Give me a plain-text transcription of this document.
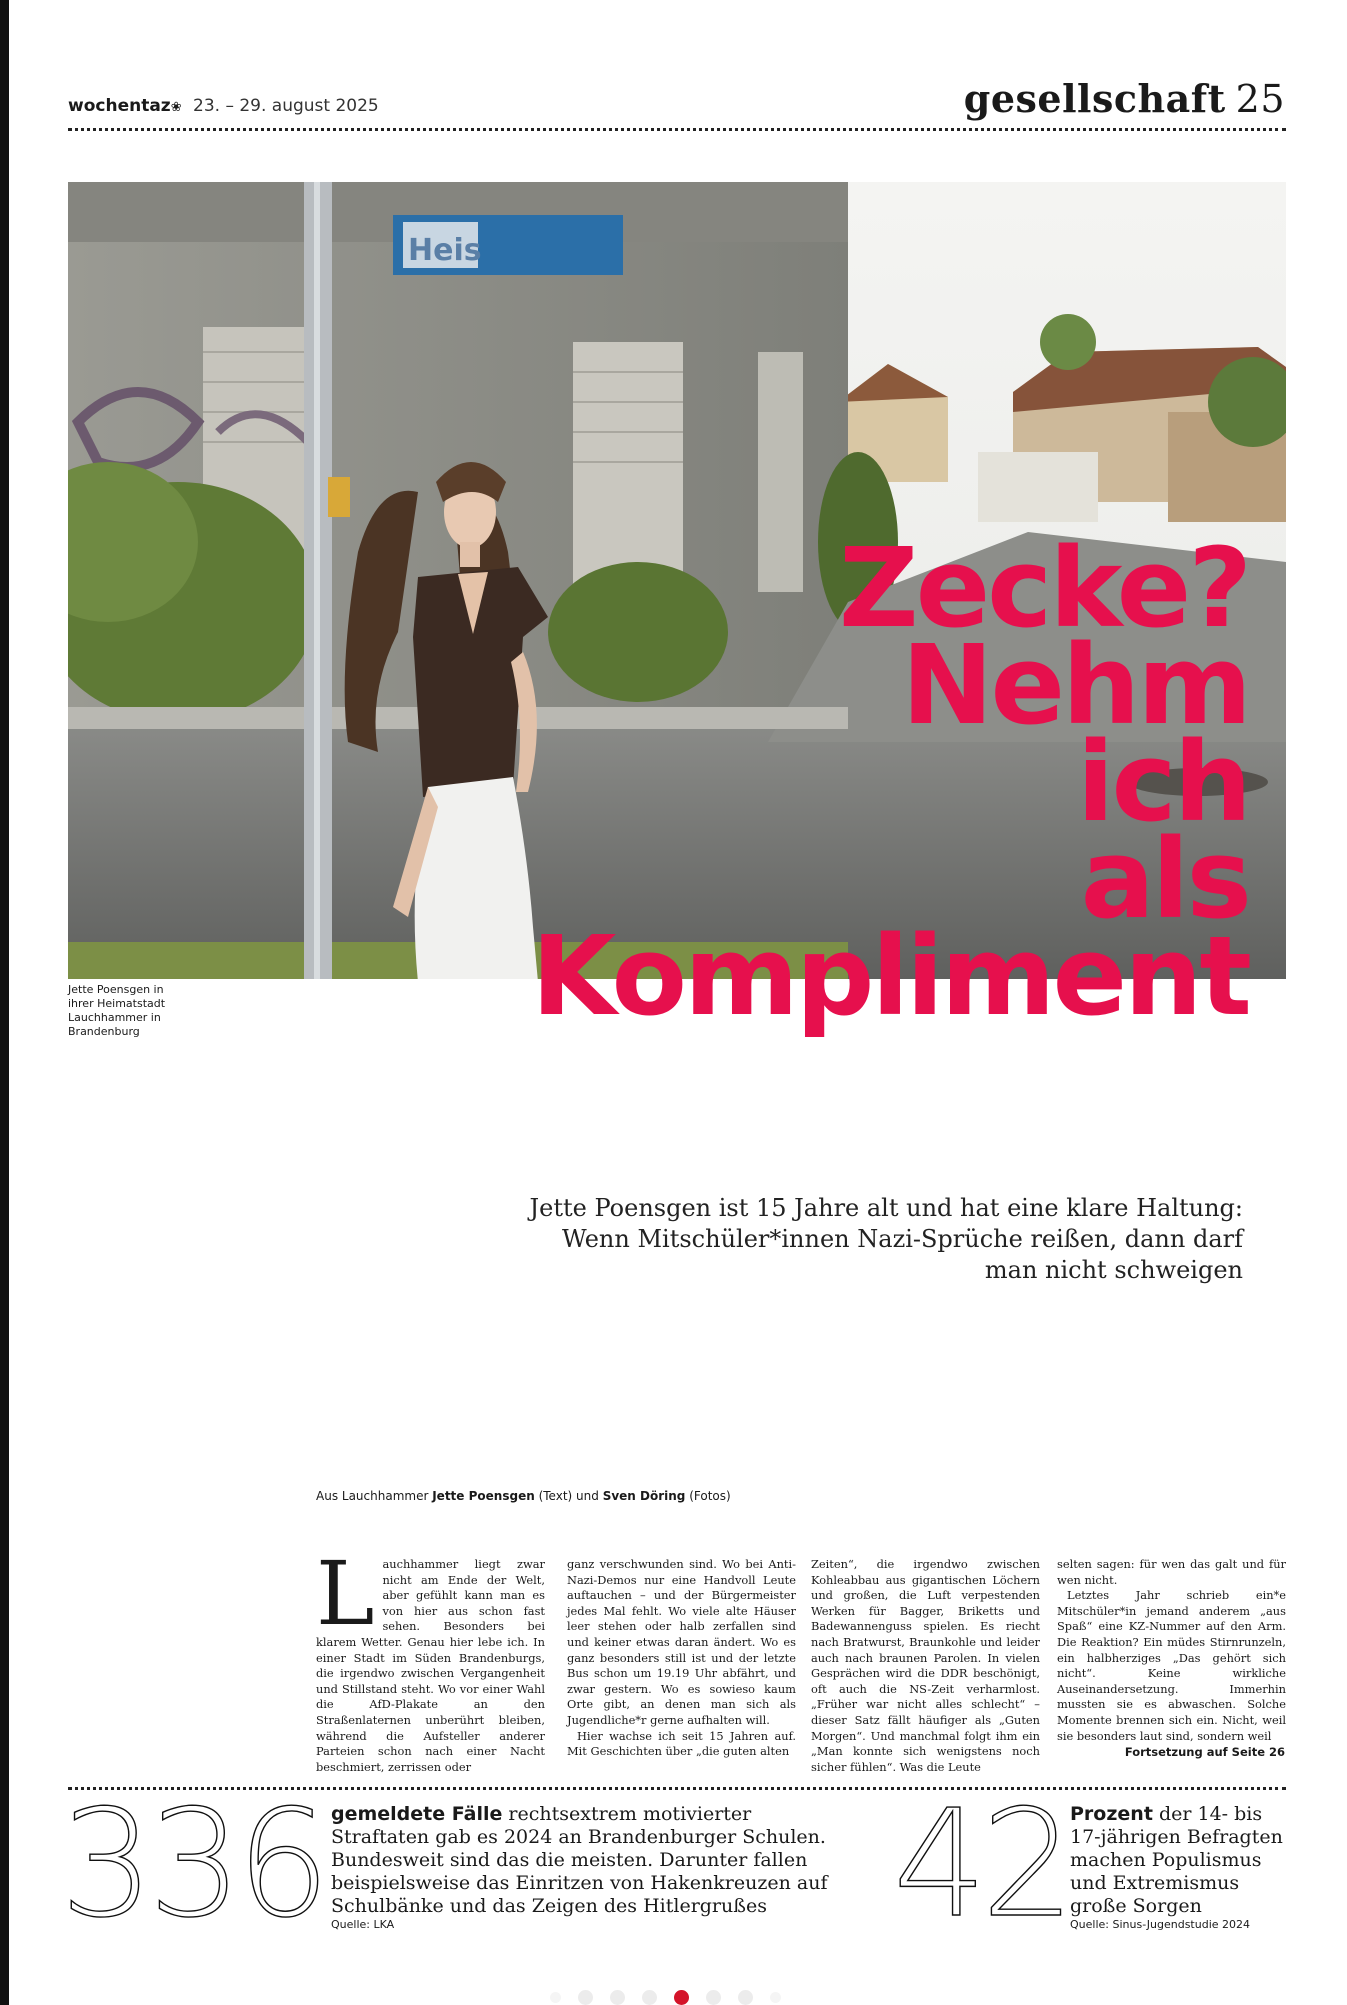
wochentaz❀ 23. – 29. august 2025	gesellschaft 25
Heis
Jette Poensgen in ihrer Heimatstadt Lauchhammer in Brandenburg
Zecke?
Nehm
ich
als
Kompliment
Jette Poensgen ist 15 Jahre alt und hat eine klare Haltung: Wenn Mitschüler*innen Nazi-Sprüche reißen, dann darf man nicht schweigen
Aus Lauchhammer Jette Poensgen (Text) und Sven Döring (Fotos)
L auchhammer liegt zwar nicht am Ende der Welt, aber gefühlt kann man es von hier aus schon fast sehen. Besonders bei klarem Wetter. Genau hier lebe ich. In einer Stadt im Süden Brandenburgs, die irgendwo zwischen Vergangenheit und Stillstand steht. Wo vor einer Wahl die AfD-Plakate an den Straßenlaternen unberührt bleiben, während die Aufsteller anderer Parteien schon nach einer Nacht beschmiert, zerrissen oder

ganz verschwunden sind. Wo bei Anti-Nazi-Demos nur eine Handvoll Leute auftauchen – und der Bürgermeister jedes Mal fehlt. Wo viele alte Häuser leer stehen oder halb zerfallen sind und keiner etwas daran ändert. Wo es ganz besonders still ist und der letzte Bus schon um 19.19 Uhr abfährt, und zwar gestern. Wo es sowieso kaum Orte gibt, an denen man sich als Jugendliche*r gerne aufhalten will.

Hier wachse ich seit 15 Jahren auf. Mit Geschichten über „die guten alten

Zeiten“, die irgendwo zwischen Kohleabbau aus gigantischen Löchern und großen, die Luft verpestenden Werken für Bagger, Briketts und Badewannenguss spielen. Es riecht nach Bratwurst, Braunkohle und leider auch nach braunen Parolen. In vielen Gesprächen wird die DDR beschönigt, oft auch die NS-Zeit verharmlost. „Früher war nicht alles schlecht“ – dieser Satz fällt häufiger als „Guten Morgen“. Und manchmal folgt ihm ein „Man konnte sich wenigstens noch sicher fühlen“. Was die Leute

selten sagen: für wen das galt und für wen nicht.

Letztes Jahr schrieb ein*e Mitschüler*in jemand anderem „aus Spaß“ eine KZ-Nummer auf den Arm. Die Reaktion? Ein müdes Stirnrunzeln, ein halbherziges „Das gehört sich nicht“. Keine wirkliche Auseinandersetzung. Immerhin mussten sie es abwaschen. Solche Momente brennen sich ein. Nicht, weil sie besonders laut sind, sondern weil

Fortsetzung auf Seite 26
336 gemeldete Fälle rechtsextrem motivierter Straftaten gab es 2024 an Brandenburger Schulen. Bundesweit sind das die meisten. Darunter fallen beispielsweise das Einritzen von Hakenkreuzen auf Schulbänke und das Zeigen des Hitlergrußes
Quelle: LKA	42 Prozent der 14- bis 17-jährigen Befragten machen Populismus und Extremismus große Sorgen
Quelle: Sinus-Jugendstudie 2024
